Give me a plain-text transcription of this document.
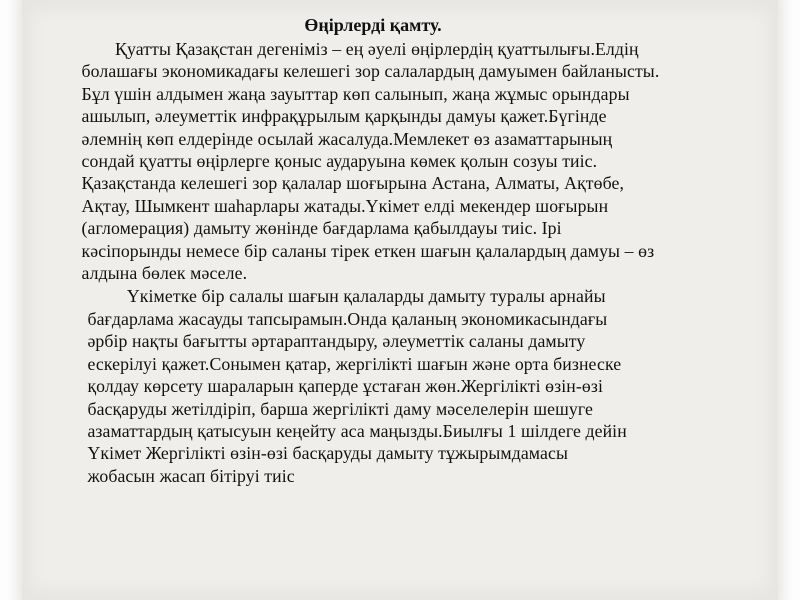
Өңірлерді қамту.

Қуатты Қазақстан дегеніміз – ең әуелі өңірлердің қуаттылығы.Елдің
болашағы экономикадағы келешегі зор салалардың дамуымен байланысты.
Бұл үшін алдымен жаңа зауыттар көп салынып, жаңа жұмыс орындары
ашылып, әлеуметтік инфрақұрылым қарқынды дамуы қажет.Бүгінде
әлемнің көп елдерінде осылай жасалуда.Мемлекет өз азаматтарының
сондай қуатты өңірлерге қоныс аударуына көмек қолын созуы тиіс.
Қазақстанда келешегі зор қалалар шоғырына Астана, Алматы, Ақтөбе,
Ақтау, Шымкент шаһарлары жатады.Үкімет елді мекендер шоғырын
(агломерация) дамыту жөнінде бағдарлама қабылдауы тиіс. Ірі
кәсіпорынды немесе бір саланы тірек еткен шағын қалалардың дамуы – өз
алдына бөлек мәселе.
Үкіметке бір салалы шағын қалаларды дамыту туралы арнайы
бағдарлама жасауды тапсырамын.Онда қаланың экономикасындағы
әрбір нақты бағытты әртараптандыру, әлеуметтік саланы дамыту
ескерілуі қажет.Сонымен қатар, жергілікті шағын және орта бизнеске
қолдау көрсету шараларын қаперде ұстаған жөн.Жергілікті өзін-өзі
басқаруды жетілдіріп, барша жергілікті даму мәселелерін шешуге
азаматтардың қатысуын кеңейту аса маңызды.Биылғы 1 шілдеге дейін
Үкімет Жергілікті өзін-өзі басқаруды дамыту тұжырымдамасы
жобасын жасап бітіруі тиіс
